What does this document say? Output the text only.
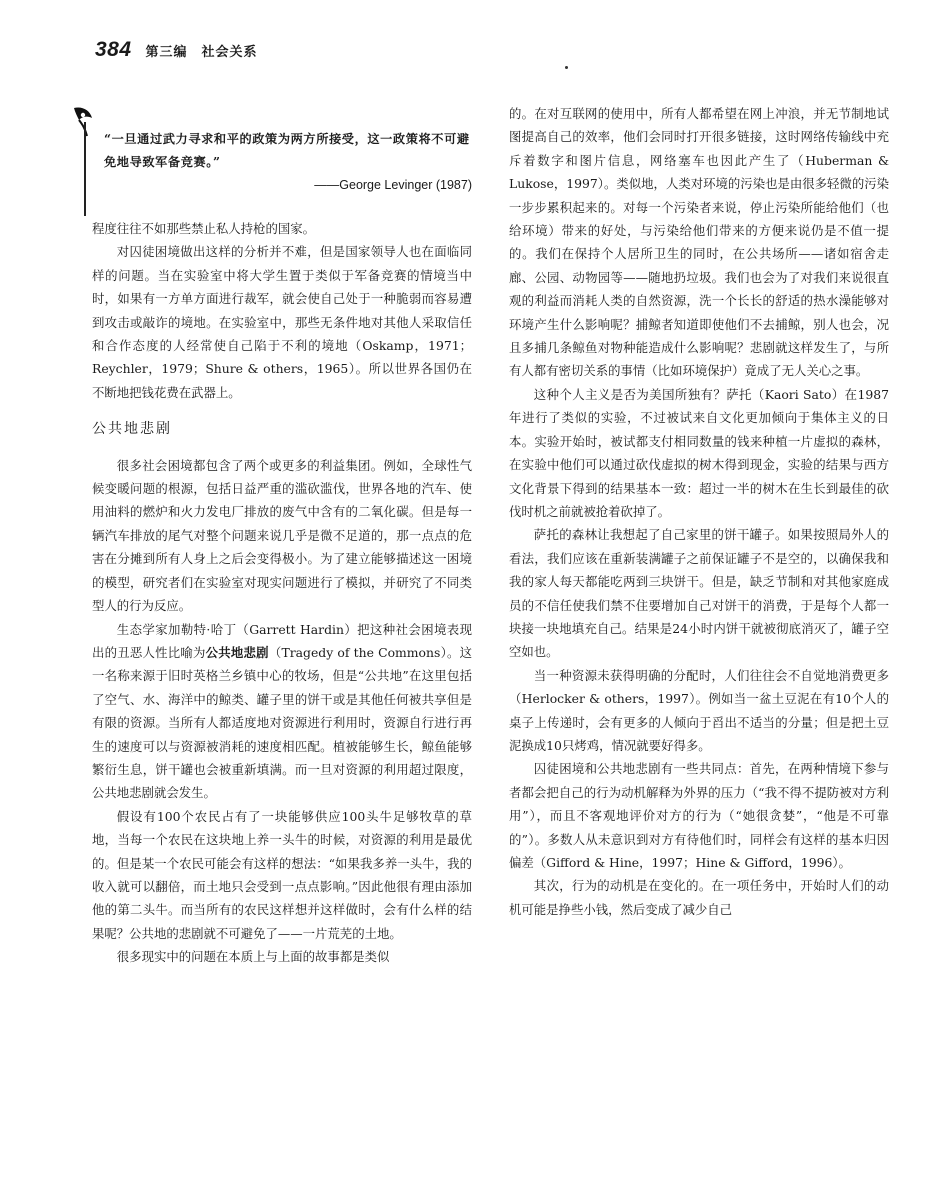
384 第三编　社会关系
“一旦通过武力寻求和平的政策为两方所接受，这一政策将不可避免地导致军备竞赛。”
——George Levinger (1987)

程度往往不如那些禁止私人持枪的国家。

对囚徒困境做出这样的分析并不难，但是国家领导人也在面临同样的问题。当在实验室中将大学生置于类似于军备竞赛的情境当中时，如果有一方单方面进行裁军，就会使自己处于一种脆弱而容易遭到攻击或敲诈的境地。在实验室中，那些无条件地对其他人采取信任和合作态度的人经常使自己陷于不利的境地（Oskamp，1971；Reychler，1979；Shure & others，1965）。所以世界各国仍在不断地把钱花费在武器上。

公共地悲剧

很多社会困境都包含了两个或更多的利益集团。例如，全球性气候变暖问题的根源，包括日益严重的滥砍滥伐，世界各地的汽车、使用油料的燃炉和火力发电厂排放的废气中含有的二氧化碳。但是每一辆汽车排放的尾气对整个问题来说几乎是微不足道的，那一点点的危害在分摊到所有人身上之后会变得极小。为了建立能够描述这一困境的模型，研究者们在实验室对现实问题进行了模拟，并研究了不同类型人的行为反应。

生态学家加勒特·哈丁（Garrett Hardin）把这种社会困境表现出的丑恶人性比喻为公共地悲剧（Tragedy of the Commons）。这一名称来源于旧时英格兰乡镇中心的牧场，但是“公共地”在这里包括了空气、水、海洋中的鲸类、罐子里的饼干或是其他任何被共享但是有限的资源。当所有人都适度地对资源进行利用时，资源自行进行再生的速度可以与资源被消耗的速度相匹配。植被能够生长，鲸鱼能够繁衍生息，饼干罐也会被重新填满。而一旦对资源的利用超过限度，公共地悲剧就会发生。

假设有100个农民占有了一块能够供应100头牛足够牧草的草地，当每一个农民在这块地上养一头牛的时候，对资源的利用是最优的。但是某一个农民可能会有这样的想法：“如果我多养一头牛，我的收入就可以翻倍，而土地只会受到一点点影响。”因此他很有理由添加他的第二头牛。而当所有的农民这样想并这样做时，会有什么样的结果呢？公共地的悲剧就不可避免了——一片荒芜的土地。

很多现实中的问题在本质上与上面的故事都是类似

的。在对互联网的使用中，所有人都希望在网上冲浪，并无节制地试图提高自己的效率，他们会同时打开很多链接，这时网络传输线中充斥着数字和图片信息，网络塞车也因此产生了（Huberman & Lukose，1997）。类似地，人类对环境的污染也是由很多轻微的污染一步步累积起来的。对每一个污染者来说，停止污染所能给他们（也给环境）带来的好处，与污染给他们带来的方便来说仍是不值一提的。我们在保持个人居所卫生的同时，在公共场所——诸如宿舍走廊、公园、动物园等——随地扔垃圾。我们也会为了对我们来说很直观的利益而消耗人类的自然资源，洗一个长长的舒适的热水澡能够对环境产生什么影响呢？捕鲸者知道即使他们不去捕鲸，别人也会，况且多捕几条鲸鱼对物种能造成什么影响呢？悲剧就这样发生了，与所有人都有密切关系的事情（比如环境保护）竟成了无人关心之事。

这种个人主义是否为美国所独有？萨托（Kaori Sato）在1987年进行了类似的实验，不过被试来自文化更加倾向于集体主义的日本。实验开始时，被试都支付相同数量的钱来种植一片虚拟的森林，在实验中他们可以通过砍伐虚拟的树木得到现金，实验的结果与西方文化背景下得到的结果基本一致：超过一半的树木在生长到最佳的砍伐时机之前就被抢着砍掉了。

萨托的森林让我想起了自己家里的饼干罐子。如果按照局外人的看法，我们应该在重新装满罐子之前保证罐子不是空的，以确保我和我的家人每天都能吃两到三块饼干。但是，缺乏节制和对其他家庭成员的不信任使我们禁不住要增加自己对饼干的消费，于是每个人都一块接一块地填充自己。结果是24小时内饼干就被彻底消灭了，罐子空空如也。

当一种资源未获得明确的分配时，人们往往会不自觉地消费更多（Herlocker & others，1997）。例如当一盆土豆泥在有10个人的桌子上传递时，会有更多的人倾向于舀出不适当的分量；但是把土豆泥换成10只烤鸡，情况就要好得多。

囚徒困境和公共地悲剧有一些共同点：首先，在两种情境下参与者都会把自己的行为动机解释为外界的压力（“我不得不提防被对方利用”），而且不客观地评价对方的行为（“她很贪婪”，“他是不可靠的”）。多数人从未意识到对方有待他们时，同样会有这样的基本归因偏差（Gifford & Hine，1997；Hine & Gifford，1996）。

其次，行为的动机是在变化的。在一项任务中，开始时人们的动机可能是挣些小钱，然后变成了减少自己
